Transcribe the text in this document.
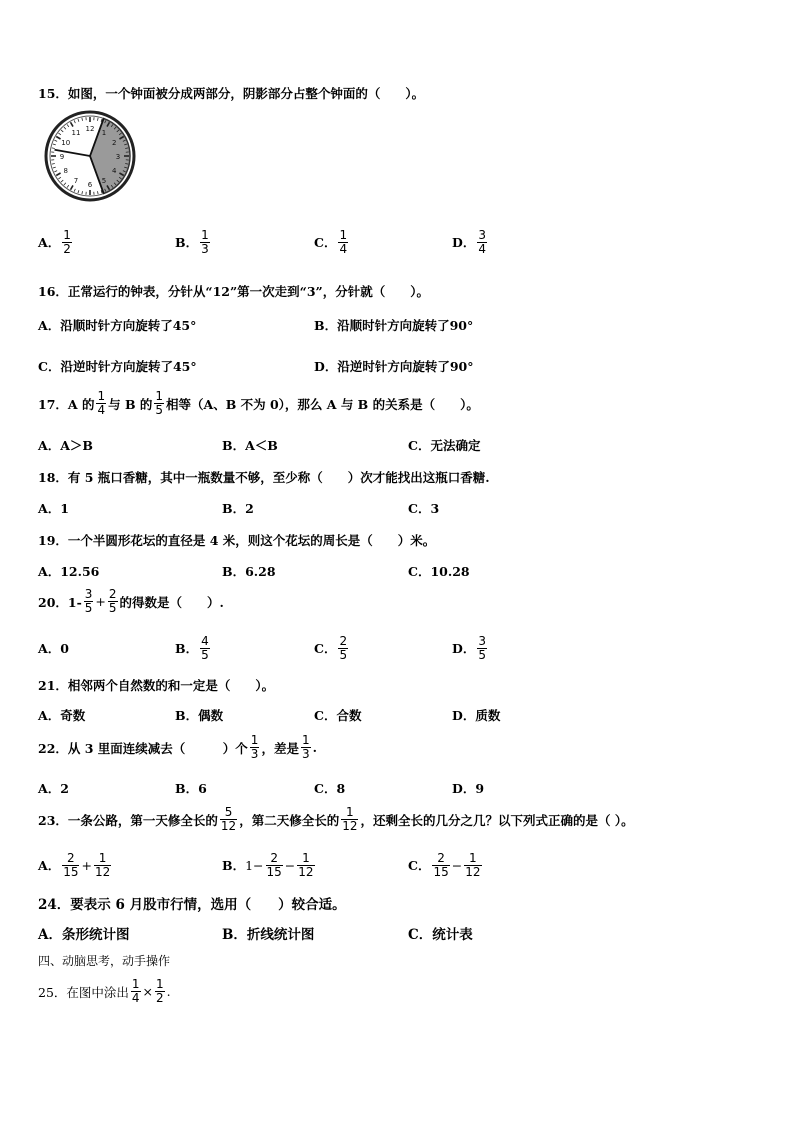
15．如图，一个钟面被分成两部分，阴影部分占整个钟面的（　　）。
12 1
2
3
4
5
6
7
8
9
10
11
A． $\frac{1}{2}$	B． $\frac{1}{3}$	C． $\frac{1}{4}$	D． $\frac{3}{4}$
16．正常运行的钟表，分针从“12”第一次走到“3”，分针就（　　）。
A． 沿顺时针方向旋转了45°	B． 沿顺时针方向旋转了90°
C． 沿逆时针方向旋转了45°	D． 沿逆时针方向旋转了90°
17．A 的 $\frac{1}{4}$ 与 B 的 $\frac{1}{5}$ 相等（A、B 不为 0），那么 A 与 B 的关系是（　　）。
A． A＞B	B． A＜B	C． 无法确定
18．有 5 瓶口香糖，其中一瓶数量不够，至少称（　　）次才能找出这瓶口香糖.
A． 1	B． 2	C． 3
19．一个半圆形花坛的直径是 4 米，则这个花坛的周长是（　　）米。
A． 12.56	B． 6.28	C． 10.28
20．$1- \frac{3}{5} + \frac{2}{5}$ 的得数是（　　）.
A． 0	B． $\frac{4}{5}$	C． $\frac{2}{5}$	D． $\frac{3}{5}$
21．相邻两个自然数的和一定是（　　）。
A． 奇数	B． 偶数	C． 合数	D． 质数
22．从 3 里面连续减去（　　　）个 $\frac{1}{3}$ ，差是 $\frac{1}{3}$ .
A． 2	B． 6	C． 8	D． 9
23．一条公路，第一天修全长的 $\frac{5}{12}$ ，第二天修全长的 $\frac{1}{12}$ ，还剩全长的几分之几？以下列式正确的是（ ）。
A． $\frac{2}{15} + \frac{1}{12}$	B． $1- \frac{2}{15} - \frac{1}{12}$	C． $\frac{2}{15} - \frac{1}{12}$
24．要表示 6 月股市行情，选用（　　）较合适。
A． 条形统计图	B． 折线统计图	C． 统计表
四、动脑思考，动手操作
25．在图中涂出 $\frac{1}{4} \times \frac{1}{2}$ .
